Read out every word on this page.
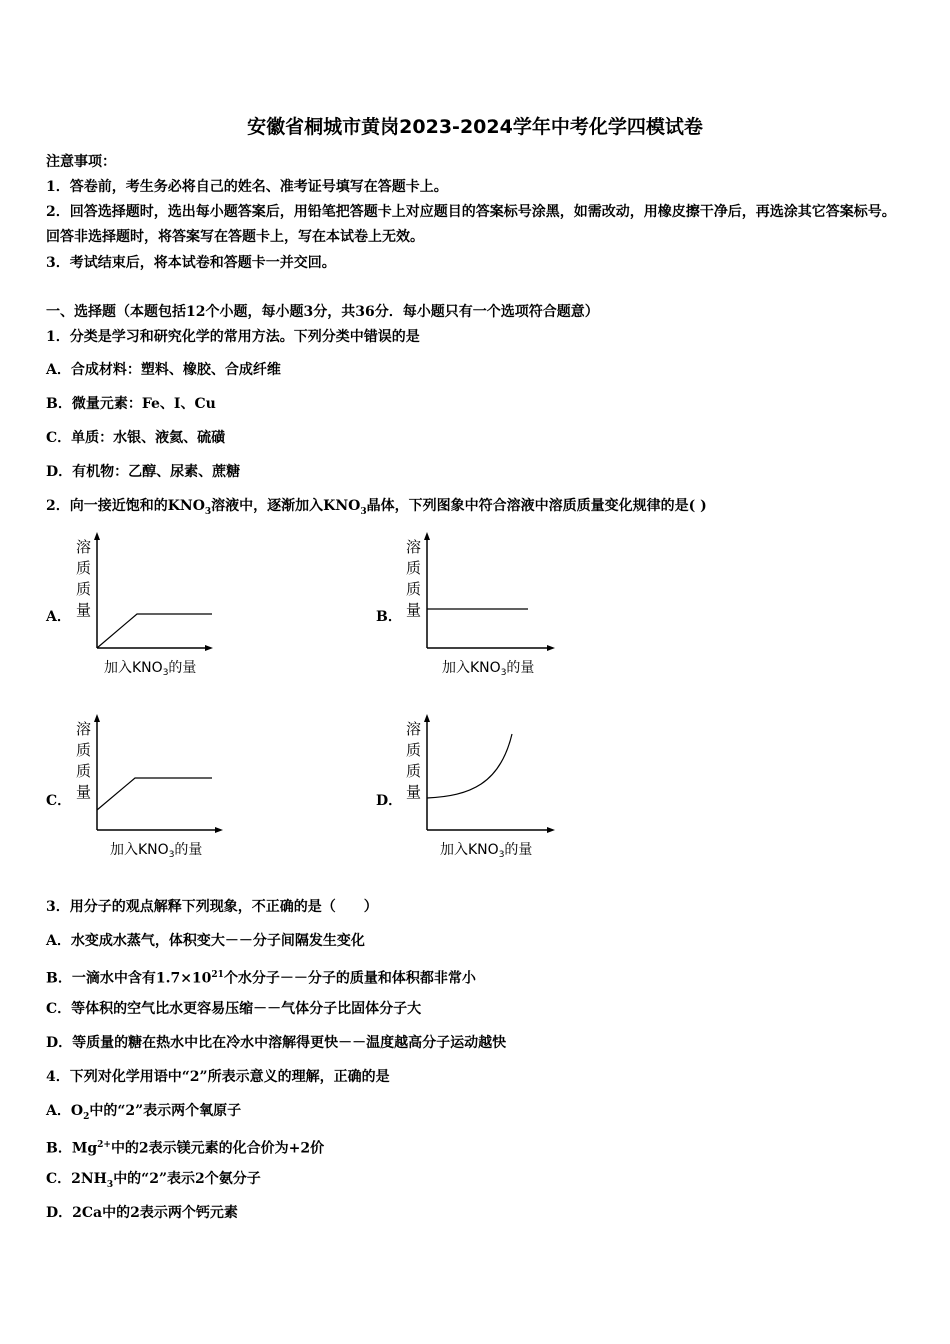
安徽省桐城市黄岗2023-2024学年中考化学四模试卷
注意事项：
1．答卷前，考生务必将自己的姓名、准考证号填写在答题卡上。
2．回答选择题时，选出每小题答案后，用铅笔把答题卡上对应题目的答案标号涂黑，如需改动，用橡皮擦干净后，再选涂其它答案标号。回答非选择题时，将答案写在答题卡上，写在本试卷上无效。
3．考试结束后，将本试卷和答题卡一并交回。
一、选择题（本题包括12个小题，每小题3分，共36分．每小题只有一个选项符合题意）
1．分类是学习和研究化学的常用方法。下列分类中错误的是
A．合成材料：塑料、橡胶、合成纤维
B．微量元素：Fe、I、Cu
C．单质：水银、液氦、硫磺
D．有机物：乙醇、尿素、蔗糖
2．向一接近饱和的$KNO_3$溶液中，逐渐加入$KNO_3$晶体，下列图象中符合溶液中溶质质量变化规律的是( )
A．
溶
质
质
量
加入$KNO_3$的量
B．
溶
质
质
量
加入$KNO_3$的量
C．
溶
质
质
量
加入$KNO_3$的量
D．
溶
质
质
量
加入$KNO_3$的量
3．用分子的观点解释下列现象，不正确的是（　　）
A．水变成水蒸气，体积变大－－分子间隔发生变化
B．一滴水中含有$1.7\times 10^{21}$个水分子－－分子的质量和体积都非常小
C．等体积的空气比水更容易压缩－－气体分子比固体分子大
D．等质量的糖在热水中比在冷水中溶解得更快－－温度越高分子运动越快
4．下列对化学用语中“2”所表示意义的理解，正确的是
A．$O_2$中的“2”表示两个氧原子
B．$Mg^{2+}$中的2表示镁元素的化合价为+2价
C．$2NH_3$中的“2”表示2个氨分子
D．2Ca中的2表示两个钙元素
